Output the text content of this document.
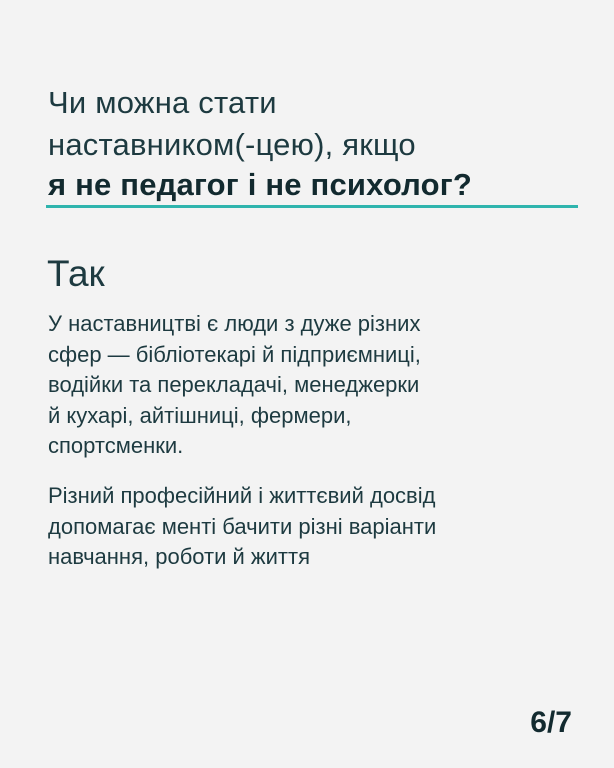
Чи можна стати
наставником(-цею), якщо
я не педагог і не психолог?
Так
У наставництві є люди з дуже різних
сфер — бібліотекарі й підприємниці,
водійки та перекладачі, менеджерки
й кухарі, айтішниці, фермери,
спортсменки.
Різний професійний і життєвий досвід
допомагає менті бачити різні варіанти
навчання, роботи й життя
6/7
